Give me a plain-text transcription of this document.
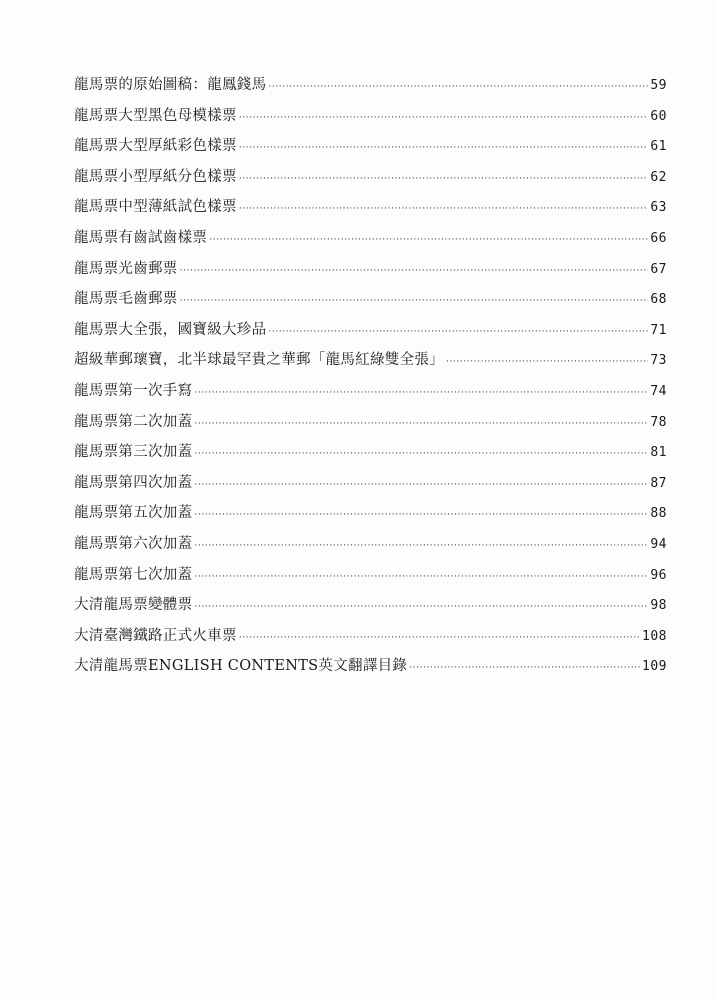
龍馬票的原始圖稿：龍鳳錢馬 ·····	59
龍馬票大型黑色母模樣票 ·····	60
龍馬票大型厚紙彩色樣票 ·····	61
龍馬票小型厚紙分色樣票 ·····	62
龍馬票中型薄紙試色樣票 ·····	63
龍馬票有齒試齒樣票 ·····	66
龍馬票光齒郵票 ·····	67
龍馬票毛齒郵票 ·····	68
龍馬票大全張，國寶級大珍品 ·····	71
超級華郵瓌寶，北半球最罕貴之華郵「龍馬紅綠雙全張」 ·····	73
龍馬票第一次手寫 ·····	74
龍馬票第二次加蓋 ·····	78
龍馬票第三次加蓋 ·····	81
龍馬票第四次加蓋 ·····	87
龍馬票第五次加蓋 ·····	88
龍馬票第六次加蓋 ·····	94
龍馬票第七次加蓋 ·····	96
大清龍馬票變體票 ·····	98
大清臺灣鐵路正式火車票 ·····	108
大清龍馬票ENGLISH CONTENTS英文翻譯目錄 ·····	109
